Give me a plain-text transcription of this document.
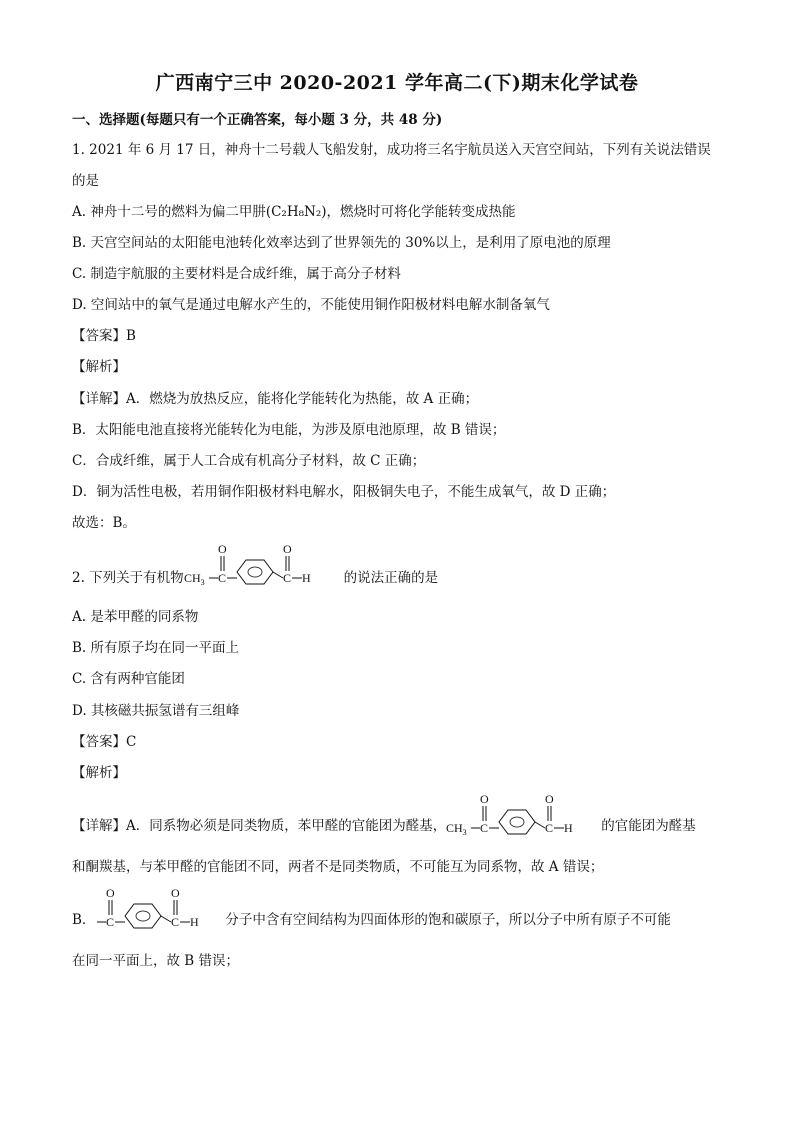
广西南宁三中 2020-2021 学年高二(下)期末化学试卷
一、选择题(每题只有一个正确答案，每小题 3 分，共 48 分)
1. 2021 年 6 月 17 日，神舟十二号载人飞船发射，成功将三名宇航员送入天宫空间站，下列有关说法错误
的是
A. 神舟十二号的燃料为偏二甲肼(C₂H₈N₂)，燃烧时可将化学能转变成热能
B. 天宫空间站的太阳能电池转化效率达到了世界领先的 30%以上，是利用了原电池的原理
C. 制造宇航服的主要材料是合成纤维，属于高分子材料
D. 空间站中的氧气是通过电解水产生的，不能使用铜作阳极材料电解水制备氧气
【答案】B
【解析】
【详解】A．燃烧为放热反应，能将化学能转化为热能，故 A 正确；
B．太阳能电池直接将光能转化为电能，为涉及原电池原理，故 B 错误；
C．合成纤维，属于人工合成有机高分子材料，故 C 正确；
D．铜为活性电极，若用铜作阳极材料电解水，阳极铜失电子，不能生成氧气，故 D 正确；
故选：B。
2. 下列关于有机物 $CH_3$ C
O
C
O
H 的说法正确的是
A. 是苯甲醛的同系物
B. 所有原子均在同一平面上
C. 含有两种官能团
D. 其核磁共振氢谱有三组峰
【答案】C
【解析】
【详解】A．同系物必须是同类物质，苯甲醛的官能团为醛基， $CH_3$ C
O
C
O
H 的官能团为醛基
和酮羰基，与苯甲醛的官能团不同，两者不是同类物质，不可能互为同系物，故 A 错误；
B． C
O
C
O
H 分子中含有空间结构为四面体形的饱和碳原子，所以分子中所有原子不可能
在同一平面上，故 B 错误；
